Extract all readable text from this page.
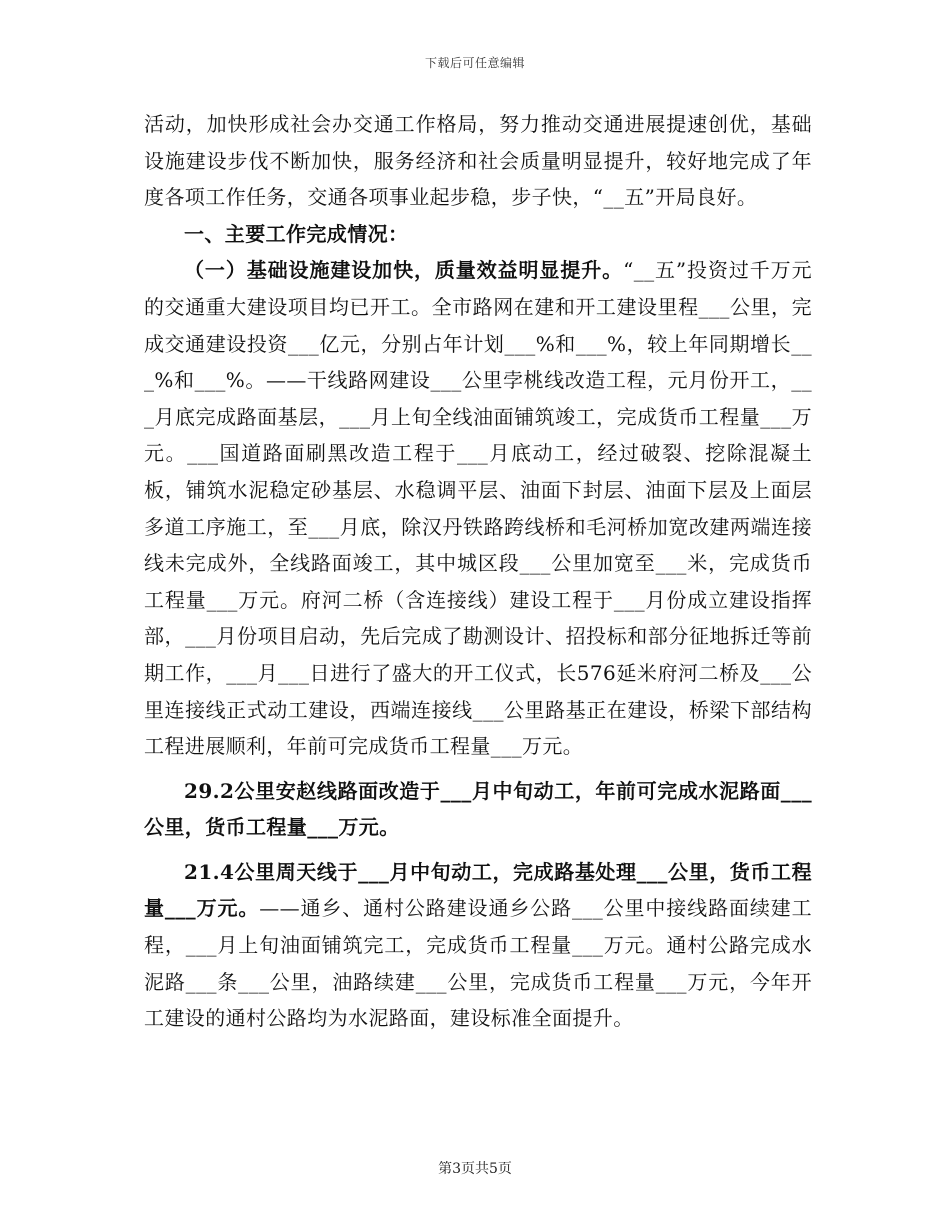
下载后可任意编辑

活动，加快形成社会办交通工作格局，努力推动交通进展提速创优，基础设施建设步伐不断加快，服务经济和社会质量明显提升，较好地完成了年度各项工作任务，交通各项事业起步稳，步子快，“__五”开局良好。

一、主要工作完成情况：

（一）基础设施建设加快，质量效益明显提升。“__五”投资过千万元的交通重大建设项目均已开工。全市路网在建和开工建设里程___公里，完成交通建设投资___亿元，分别占年计划___%和___%，较上年同期增长___%和___%。——干线路网建设___公里孛桃线改造工程，元月份开工，___月底完成路面基层，___月上旬全线油面铺筑竣工，完成货币工程量___万元。___国道路面刷黑改造工程于___月底动工，经过破裂、挖除混凝土板，铺筑水泥稳定砂基层、水稳调平层、油面下封层、油面下层及上面层多道工序施工，至___月底，除汉丹铁路跨线桥和毛河桥加宽改建两端连接线未完成外，全线路面竣工，其中城区段___公里加宽至___米，完成货币工程量___万元。府河二桥（含连接线）建设工程于___月份成立建设指挥部，___月份项目启动，先后完成了勘测设计、招投标和部分征地拆迁等前期工作，___月___日进行了盛大的开工仪式，长576延米府河二桥及___公里连接线正式动工建设，西端连接线___公里路基正在建设，桥梁下部结构工程进展顺利，年前可完成货币工程量___万元。

29.2公里安赵线路面改造于___月中旬动工，年前可完成水泥路面___公里，货币工程量___万元。

21.4公里周天线于___月中旬动工，完成路基处理___公里，货币工程量___万元。——通乡、通村公路建设通乡公路___公里中接线路面续建工程，___月上旬油面铺筑完工，完成货币工程量___万元。通村公路完成水泥路___条___公里，油路续建___公里，完成货币工程量___万元，今年开工建设的通村公路均为水泥路面，建设标准全面提升。

第3页共5页
